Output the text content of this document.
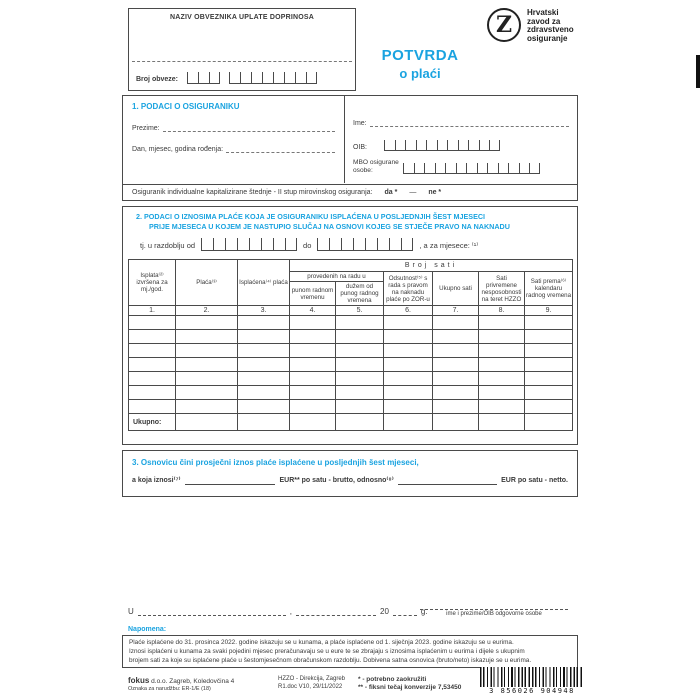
NAZIV OBVEZNIKA UPLATE DOPRINOSA
Broj obveze:
Z	Hrvatski
zavod za
zdravstveno
osiguranje
POTVRDA
o plaći
1. PODACI O OSIGURANIKU
Prezime:
Dan, mjesec, godina rođenja:
Ime:
OIB:
MBO osigurane osobe:
Osiguranik individualne kapitalizirane štednje - II stup mirovinskog osiguranja: da * — ne *
2. PODACI O IZNOSIMA PLAĆE KOJA JE OSIGURANIKU ISPLAĆENA U POSLJEDNJIH ŠEST MJESECI
PRIJE MJESECA U KOJEM JE NASTUPIO SLUČAJ NA OSNOVI KOJEG SE STJEČE PRAVO NA NAKNADU
tj. u razdoblju od	do	, a za mjesece: ⁽¹⁾
Isplata⁽²⁾ izvršena za mj./god.	Plaća⁽³⁾	Isplaćena⁽⁴⁾ plaća	Broj sati					
			provedenih na radu u		Odsutnost⁽⁵⁾ s rada s pravom na naknadu plaće po ZOR-u	Ukupno sati	Sati privremene nesposobnosti na teret HZZO	Sati prema⁽⁶⁾ kalendaru radnog vremena
			punom radnom vremenu	dužem od punog radnog vremena				
1.	2.	3.	4.	5.	6.	7.	8.	9.

Ukupno:								
3. Osnovicu čini prosječni iznos plaće isplaćene u posljednjih šest mjeseci,
a koja iznosi⁽⁷⁾	EUR** po satu - brutto, odnosno⁽⁸⁾	EUR po satu - netto.
U	,	20	g.	ime i prezime/OIB odgovorne osobe
Napomena:
Plaće isplaćene do 31. prosinca 2022. godine iskazuju se u kunama, a plaće isplaćene od 1. siječnja 2023. godine iskazuju se u eurima.
Iznosi isplaćeni u kunama za svaki pojedini mjesec preračunavaju se u eure te se zbrajaju s iznosima isplaćenim u eurima i dijele s ukupnim
brojem sati za koje su isplaćene plaće u šestomjesečnom obračunskom razdoblju. Dobivena satna osnovica (bruto/neto) iskazuje se u eurima.
fokus d.o.o. Zagreb, Koledovčina 4
Oznaka za narudžbu: ER-1/E (18)
HZZO - Direkcija, Zagreb
R1.doc V10, 29/11/2022
* - potrebno zaokružiti
** - fiksni tečaj konverzije 7,53450	3 856026 904948
